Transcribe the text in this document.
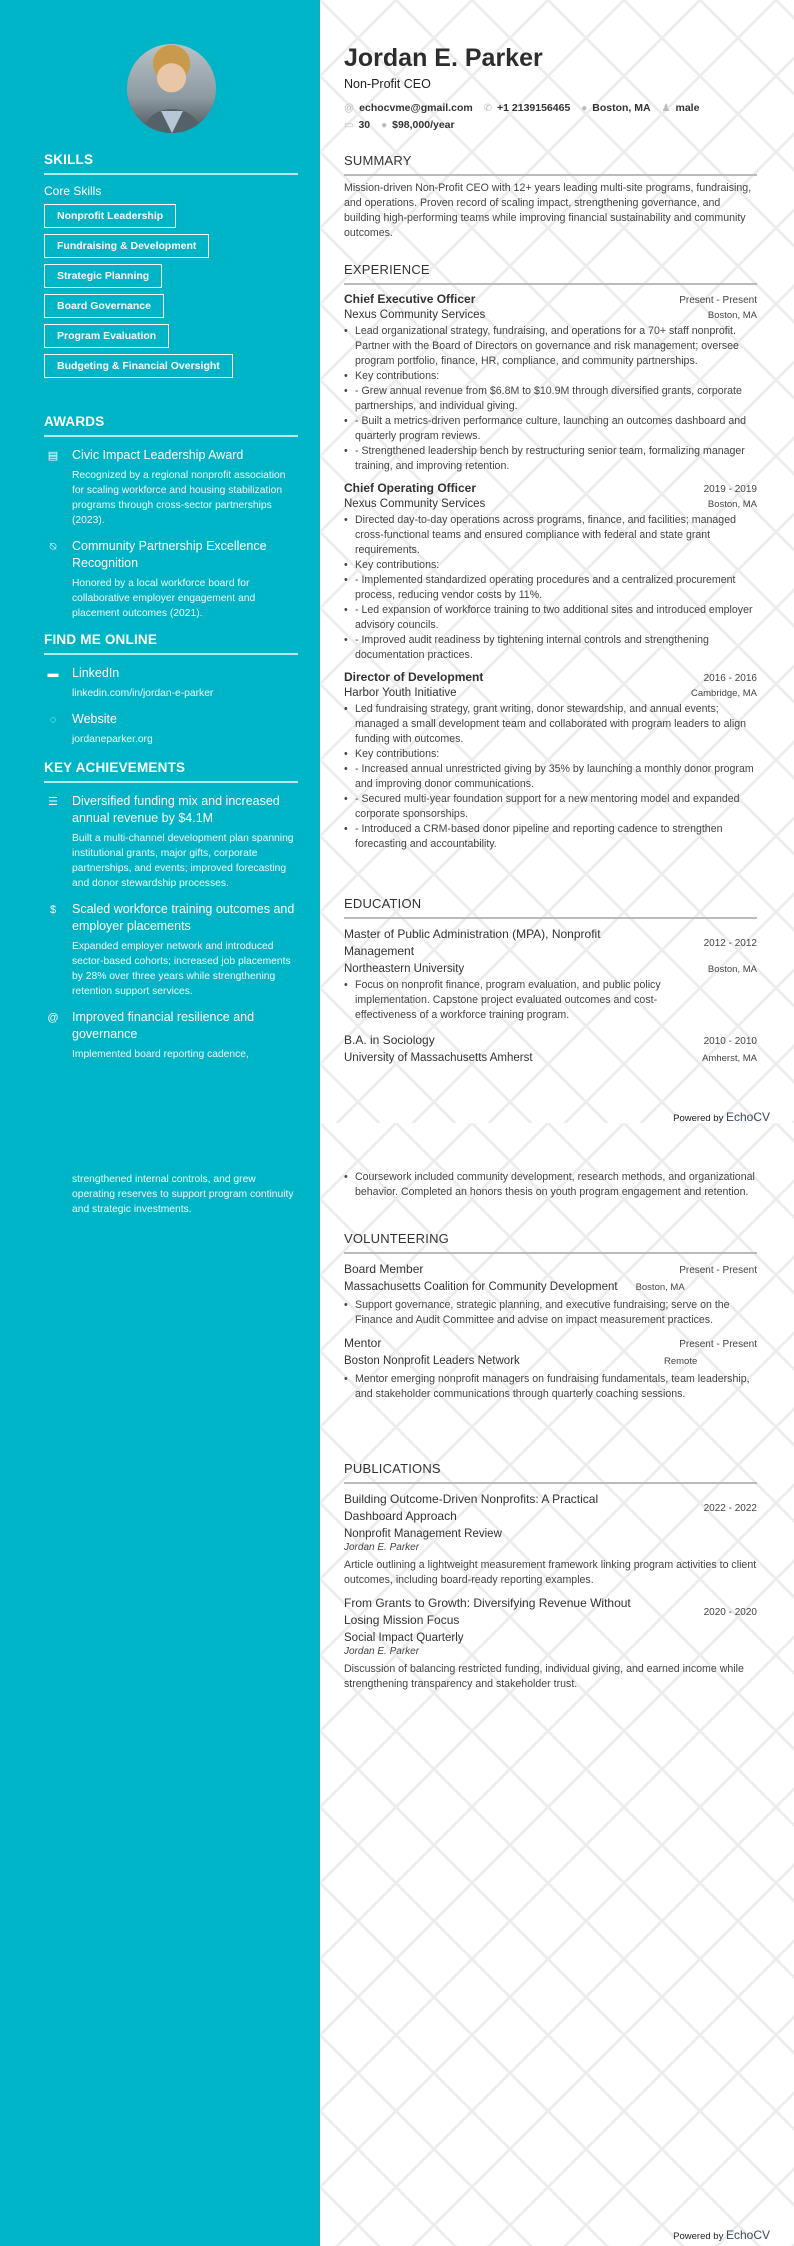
SKILLS
Core Skills
Nonprofit Leadership
Fundraising & Development
Strategic Planning
Board Governance
Program Evaluation
Budgeting & Financial Oversight
AWARDS
▤ Civic Impact Leadership Award
Recognized by a regional nonprofit association for scaling workforce and housing stabilization programs through cross-sector partnerships (2023).
⍉ Community Partnership Excellence Recognition
Honored by a local workforce board for collaborative employer engagement and placement outcomes (2021).
FIND ME ONLINE
▬ LinkedIn
linkedin.com/in/jordan-e-parker
◌ Website
jordaneparker.org
KEY ACHIEVEMENTS
☰ Diversified funding mix and increased annual revenue by $4.1M
Built a multi-channel development plan spanning institutional grants, major gifts, corporate partnerships, and events; improved forecasting and donor stewardship processes.
$	Scaled workforce training outcomes and employer placements
Expanded employer network and introduced sector-based cohorts; increased job placements by 28% over three years while strengthening retention support services.
@ Improved financial resilience and governance
Implemented board reporting cadence,
Jordan E. Parker
Non-Profit CEO
@ echocvme@gmail.com ✆ +1 2139156465 ● Boston, MA ♟ male
▭ 30 ● $98,000/year
SUMMARY
Mission-driven Non-Profit CEO with 12+ years leading multi-site programs, fundraising, and operations. Proven record of scaling impact, strengthening governance, and building high-performing teams while improving financial sustainability and community outcomes.
EXPERIENCE
Chief Executive Officer	Present - Present
Nexus Community Services	Boston, MA
• Lead organizational strategy, fundraising, and operations for a 70+ staff nonprofit. Partner with the Board of Directors on governance and risk management; oversee program portfolio, finance, HR, compliance, and community partnerships.
• Key contributions:
• - Grew annual revenue from $6.8M to $10.9M through diversified grants, corporate partnerships, and individual giving.
• - Built a metrics-driven performance culture, launching an outcomes dashboard and quarterly program reviews.
• - Strengthened leadership bench by restructuring senior team, formalizing manager training, and improving retention.
Chief Operating Officer	2019 - 2019
Nexus Community Services	Boston, MA
• Directed day-to-day operations across programs, finance, and facilities; managed cross-functional teams and ensured compliance with federal and state grant requirements.
• Key contributions:
• - Implemented standardized operating procedures and a centralized procurement process, reducing vendor costs by 11%.
• - Led expansion of workforce training to two additional sites and introduced employer advisory councils.
• - Improved audit readiness by tightening internal controls and strengthening documentation practices.
Director of Development	2016 - 2016
Harbor Youth Initiative	Cambridge, MA
• Led fundraising strategy, grant writing, donor stewardship, and annual events; managed a small development team and collaborated with program leaders to align funding with outcomes.
• Key contributions:
• - Increased annual unrestricted giving by 35% by launching a monthly donor program and improving donor communications.
• - Secured multi-year foundation support for a new mentoring model and expanded corporate sponsorships.
• - Introduced a CRM-based donor pipeline and reporting cadence to strengthen forecasting and accountability.
EDUCATION
Master of Public Administration (MPA), Nonprofit Management
2012 - 2012
Northeastern University	Boston, MA
• Focus on nonprofit finance, program evaluation, and public policy implementation. Capstone project evaluated outcomes and cost-effectiveness of a workforce training program.
B.A. in Sociology	2010 - 2010
University of Massachusetts Amherst	Amherst, MA
Powered by EchoCV
strengthened internal controls, and grew operating reserves to support program continuity and strategic investments.
• Coursework included community development, research methods, and organizational behavior. Completed an honors thesis on youth program engagement and retention.
VOLUNTEERING
Board Member	Present - Present
Massachusetts Coalition for Community Development Boston, MA
• Support governance, strategic planning, and executive fundraising; serve on the Finance and Audit Committee and advise on impact measurement practices.
Mentor	Present - Present
Boston Nonprofit Leaders Network	Remote
• Mentor emerging nonprofit managers on fundraising fundamentals, team leadership, and stakeholder communications through quarterly coaching sessions.
PUBLICATIONS
Building Outcome-Driven Nonprofits: A Practical Dashboard Approach
2022 - 2022
Nonprofit Management Review
Jordan E. Parker
Article outlining a lightweight measurement framework linking program activities to client outcomes, including board-ready reporting examples.
From Grants to Growth: Diversifying Revenue Without Losing Mission Focus
2020 - 2020
Social Impact Quarterly
Jordan E. Parker
Discussion of balancing restricted funding, individual giving, and earned income while strengthening transparency and stakeholder trust.
Powered by EchoCV
